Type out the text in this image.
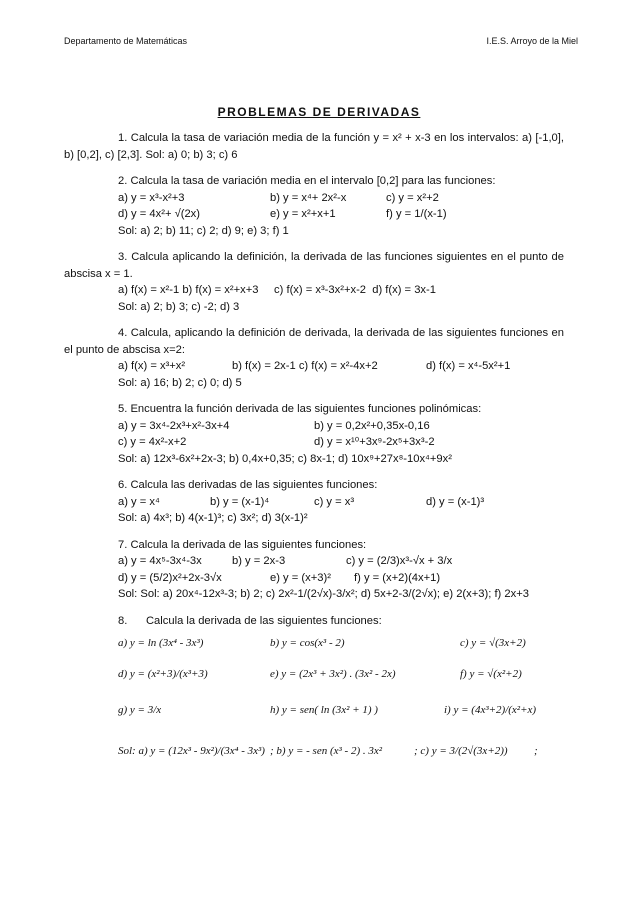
Departamento de Matemáticas	I.E.S. Arroyo de la Miel
PROBLEMAS DE DERIVADAS
1. Calcula la tasa de variación media de la función y = x² + x-3 en los intervalos: a) [-1,0], b) [0,2], c) [2,3]. Sol: a) 0; b) 3; c) 6
2. Calcula la tasa de variación media en el intervalo [0,2] para las funciones:
a) y = x³-x²+3	b) y = x⁴+ 2x²-x	c) y = x²+2
d) y = 4x²+ √(2x)	e) y = x²+x+1	f) y = 1/(x-1)
Sol: a) 2; b) 11; c) 2; d) 9; e) 3; f) 1
3. Calcula aplicando la definición, la derivada de las funciones siguientes en el punto de abscisa x = 1.
a) f(x) = x²-1 b) f(x) = x²+x+3     c) f(x) = x³-3x²+x-2  d) f(x) = 3x-1
Sol: a) 2; b) 3; c) -2; d) 3
4. Calcula, aplicando la definición de derivada, la derivada de las siguientes funciones en el punto de abscisa x=2:
a) f(x) = x³+x²	b) f(x) = 2x-1 c) f(x) = x²-4x+2	d) f(x) = x⁴-5x²+1
Sol: a) 16; b) 2; c) 0; d) 5
5. Encuentra la función derivada de las siguientes funciones polinómicas:
a) y = 3x⁴-2x³+x²-3x+4	b) y = 0,2x²+0,35x-0,16
c) y = 4x²-x+2	d) y = x¹⁰+3x⁹-2x⁵+3x³-2
Sol: a) 12x³-6x²+2x-3; b) 0,4x+0,35; c) 8x-1; d) 10x⁹+27x⁸-10x⁴+9x²
6. Calcula las derivadas de las siguientes funciones:
a) y = x⁴	b) y = (x-1)⁴	c) y = x³	d) y = (x-1)³
Sol: a) 4x³; b) 4(x-1)³; c) 3x²; d) 3(x-1)²
7. Calcula la derivada de las siguientes funciones:
a) y = 4x⁵-3x⁴-3x	b) y = 2x-3	c) y = (2/3)x³-√x + 3/x
d) y = (5/2)x²+2x-3√x	e) y = (x+3)² f) y = (x+2)(4x+1)
Sol: Sol: a) 20x⁴-12x³-3; b) 2; c) 2x²-1/(2√x)-3/x²; d) 5x+2-3/(2√x); e) 2(x+3); f) 2x+3
8.      Calcula la derivada de las siguientes funciones:
a) y = ln (3x⁴ - 3x³)	b) y = cos(x³ - 2)	c) y = √(3x+2)
d) y = (x²+3)/(x³+3)	e) y = (2x³ + 3x²) . (3x² - 2x)	f) y = √(x²+2)
g) y = 3/x	h) y = sen( ln (3x² + 1) )	i) y = (4x³+2)/(x²+x)
Sol: a) y = (12x³ - 9x²)/(3x⁴ - 3x³) ; b) y = - sen (x³ - 2) . 3x²	; c) y = 3/(2√(3x+2)) ;
